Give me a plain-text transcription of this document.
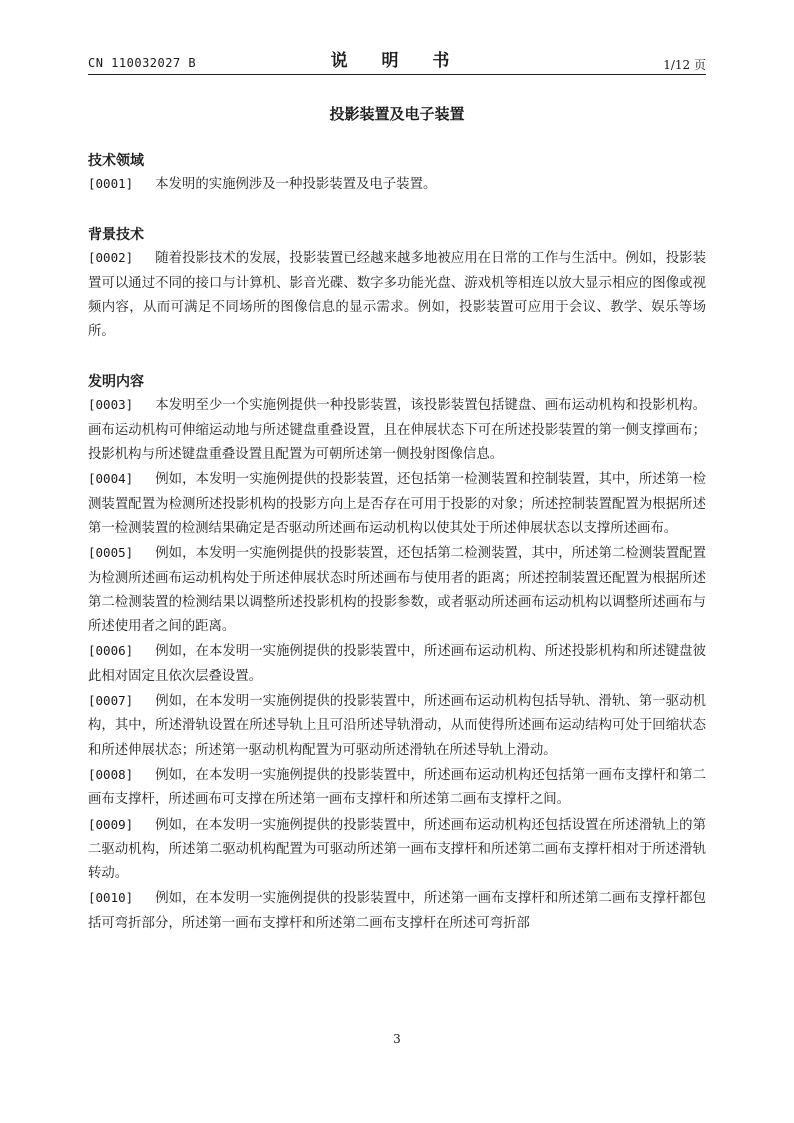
CN 110032027 B	说 明 书	1/12 页
投影装置及电子装置
技术领域
[0001] 本发明的实施例涉及一种投影装置及电子装置。
背景技术
[0002] 随着投影技术的发展，投影装置已经越来越多地被应用在日常的工作与生活中。例如，投影装置可以通过不同的接口与计算机、影音光碟、数字多功能光盘、游戏机等相连以放大显示相应的图像或视频内容，从而可满足不同场所的图像信息的显示需求。例如，投影装置可应用于会议、教学、娱乐等场所。
发明内容
[0003] 本发明至少一个实施例提供一种投影装置，该投影装置包括键盘、画布运动机构和投影机构。画布运动机构可伸缩运动地与所述键盘重叠设置，且在伸展状态下可在所述投影装置的第一侧支撑画布；投影机构与所述键盘重叠设置且配置为可朝所述第一侧投射图像信息。
[0004] 例如，本发明一实施例提供的投影装置，还包括第一检测装置和控制装置，其中，所述第一检测装置配置为检测所述投影机构的投影方向上是否存在可用于投影的对象；所述控制装置配置为根据所述第一检测装置的检测结果确定是否驱动所述画布运动机构以使其处于所述伸展状态以支撑所述画布。
[0005] 例如，本发明一实施例提供的投影装置，还包括第二检测装置，其中，所述第二检测装置配置为检测所述画布运动机构处于所述伸展状态时所述画布与使用者的距离；所述控制装置还配置为根据所述第二检测装置的检测结果以调整所述投影机构的投影参数，或者驱动所述画布运动机构以调整所述画布与所述使用者之间的距离。
[0006] 例如，在本发明一实施例提供的投影装置中，所述画布运动机构、所述投影机构和所述键盘彼此相对固定且依次层叠设置。
[0007] 例如，在本发明一实施例提供的投影装置中，所述画布运动机构包括导轨、滑轨、第一驱动机构，其中，所述滑轨设置在所述导轨上且可沿所述导轨滑动，从而使得所述画布运动结构可处于回缩状态和所述伸展状态；所述第一驱动机构配置为可驱动所述滑轨在所述导轨上滑动。
[0008] 例如，在本发明一实施例提供的投影装置中，所述画布运动机构还包括第一画布支撑杆和第二画布支撑杆，所述画布可支撑在所述第一画布支撑杆和所述第二画布支撑杆之间。
[0009] 例如，在本发明一实施例提供的投影装置中，所述画布运动机构还包括设置在所述滑轨上的第二驱动机构，所述第二驱动机构配置为可驱动所述第一画布支撑杆和所述第二画布支撑杆相对于所述滑轨转动。
[0010] 例如，在本发明一实施例提供的投影装置中，所述第一画布支撑杆和所述第二画布支撑杆都包括可弯折部分，所述第一画布支撑杆和所述第二画布支撑杆在所述可弯折部
3
